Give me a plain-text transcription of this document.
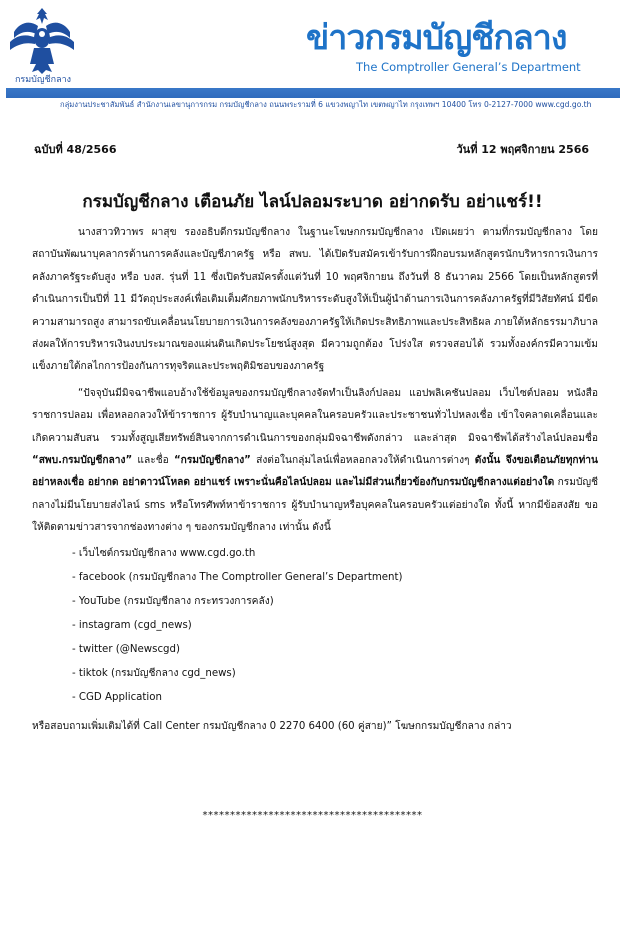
กรมบัญชีกลาง
ข่าวกรมบัญชีกลาง
The Comptroller General’s Department
กลุ่มงานประชาสัมพันธ์ สำนักงานเลขานุการกรม กรมบัญชีกลาง ถนนพระรามที่ 6 แขวงพญาไท เขตพญาไท กรุงเทพฯ 10400 โทร 0-2127-7000 www.cgd.go.th
ฉบับที่ 48/2566	วันที่ 12 พฤศจิกายน 2566
กรมบัญชีกลาง เตือนภัย ไลน์ปลอมระบาด อย่ากดรับ อย่าแชร์!!

นางสาวทิวาพร ผาสุข รองอธิบดีกรมบัญชีกลาง ในฐานะโฆษกกรมบัญชีกลาง เปิดเผยว่า ตามที่กรมบัญชีกลาง โดยสถาบันพัฒนาบุคลากรด้านการคลังและบัญชีภาครัฐ หรือ สพบ. ได้เปิดรับสมัครเข้ารับการฝึกอบรมหลักสูตรนักบริหารการเงินการคลังภาครัฐระดับสูง หรือ บงส. รุ่นที่ 11 ซึ่งเปิดรับสมัครตั้งแต่วันที่ 10 พฤศจิกายน ถึงวันที่ 8 ธันวาคม 2566 โดยเป็นหลักสูตรที่ดำเนินการเป็นปีที่ 11 มีวัตถุประสงค์เพื่อเติมเต็มศักยภาพนักบริหารระดับสูงให้เป็นผู้นำด้านการเงินการคลังภาครัฐที่มีวิสัยทัศน์ มีขีดความสามารถสูง สามารถขับเคลื่อนนโยบายการเงินการคลังของภาครัฐให้เกิดประสิทธิภาพและประสิทธิผล ภายใต้หลักธรรมาภิบาล ส่งผลให้การบริหารเงินงบประมาณของแผ่นดินเกิดประโยชน์สูงสุด มีความถูกต้อง โปร่งใส ตรวจสอบได้ รวมทั้งองค์กรมีความเข้มแข็งภายใต้กลไกการป้องกันการทุจริตและประพฤติมิชอบของภาครัฐ

“ปัจจุบันมีมิจฉาชีพแอบอ้างใช้ข้อมูลของกรมบัญชีกลางจัดทำเป็นลิงก์ปลอม แอปพลิเคชันปลอม เว็บไซต์ปลอม หนังสือราชการปลอม เพื่อหลอกลวงให้ข้าราชการ ผู้รับบำนาญและบุคคลในครอบครัวและประชาชนทั่วไปหลงเชื่อ เข้าใจคลาดเคลื่อนและเกิดความสับสน รวมทั้งสูญเสียทรัพย์สินจากการดำเนินการของกลุ่มมิจฉาชีพดังกล่าว และล่าสุด มิจฉาชีพได้สร้างไลน์ปลอมชื่อ “สพบ.กรมบัญชีกลาง” และชื่อ “กรมบัญชีกลาง” ส่งต่อในกลุ่มไลน์เพื่อหลอกลวงให้ดำเนินการต่างๆ ดังนั้น จึงขอเตือนภัยทุกท่าน อย่าหลงเชื่อ อย่ากด อย่าดาวน์โหลด อย่าแชร์ เพราะนั่นคือไลน์ปลอม และไม่มีส่วนเกี่ยวข้องกับกรมบัญชีกลางแต่อย่างใด กรมบัญชีกลางไม่มีนโยบายส่งไลน์ sms หรือโทรศัพท์หาข้าราชการ ผู้รับบำนาญหรือบุคคลในครอบครัวแต่อย่างใด ทั้งนี้ หากมีข้อสงสัย ขอให้ติดตามข่าวสารจากช่องทางต่าง ๆ ของกรมบัญชีกลาง เท่านั้น ดังนี้

- เว็บไซต์กรมบัญชีกลาง www.cgd.go.th
- facebook (กรมบัญชีกลาง The Comptroller General’s Department)
- YouTube (กรมบัญชีกลาง กระทรวงการคลัง)
- instagram (cgd_news)
- twitter (@Newscgd)
- tiktok (กรมบัญชีกลาง cgd_news)
- CGD Application
หรือสอบถามเพิ่มเติมได้ที่ Call Center กรมบัญชีกลาง 0 2270 6400 (60 คู่สาย)” โฆษกกรมบัญชีกลาง กล่าว
****************************************
